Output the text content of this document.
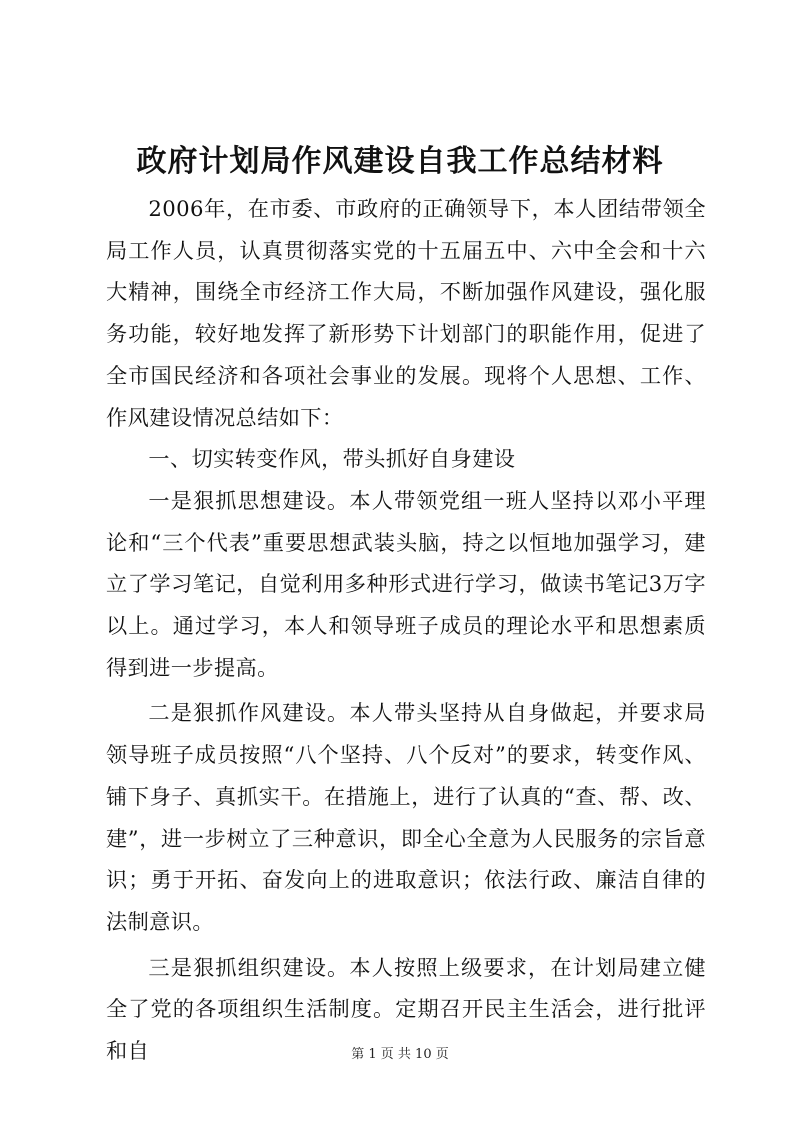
政府计划局作风建设自我工作总结材料

2006年，在市委、市政府的正确领导下，本人团结带领全局工作人员，认真贯彻落实党的十五届五中、六中全会和十六大精神，围绕全市经济工作大局，不断加强作风建设，强化服务功能，较好地发挥了新形势下计划部门的职能作用，促进了全市国民经济和各项社会事业的发展。现将个人思想、工作、作风建设情况总结如下：

一、切实转变作风，带头抓好自身建设

一是狠抓思想建设。本人带领党组一班人坚持以邓小平理论和“三个代表”重要思想武装头脑，持之以恒地加强学习，建立了学习笔记，自觉利用多种形式进行学习，做读书笔记3万字以上。通过学习，本人和领导班子成员的理论水平和思想素质得到进一步提高。

二是狠抓作风建设。本人带头坚持从自身做起，并要求局领导班子成员按照“八个坚持、八个反对”的要求，转变作风、铺下身子、真抓实干。在措施上，进行了认真的“查、帮、改、建”，进一步树立了三种意识，即全心全意为人民服务的宗旨意识；勇于开拓、奋发向上的进取意识；依法行政、廉洁自律的法制意识。

三是狠抓组织建设。本人按照上级要求，在计划局建立健全了党的各项组织生活制度。定期召开民主生活会，进行批评和自	第 1 页 共 10 页
